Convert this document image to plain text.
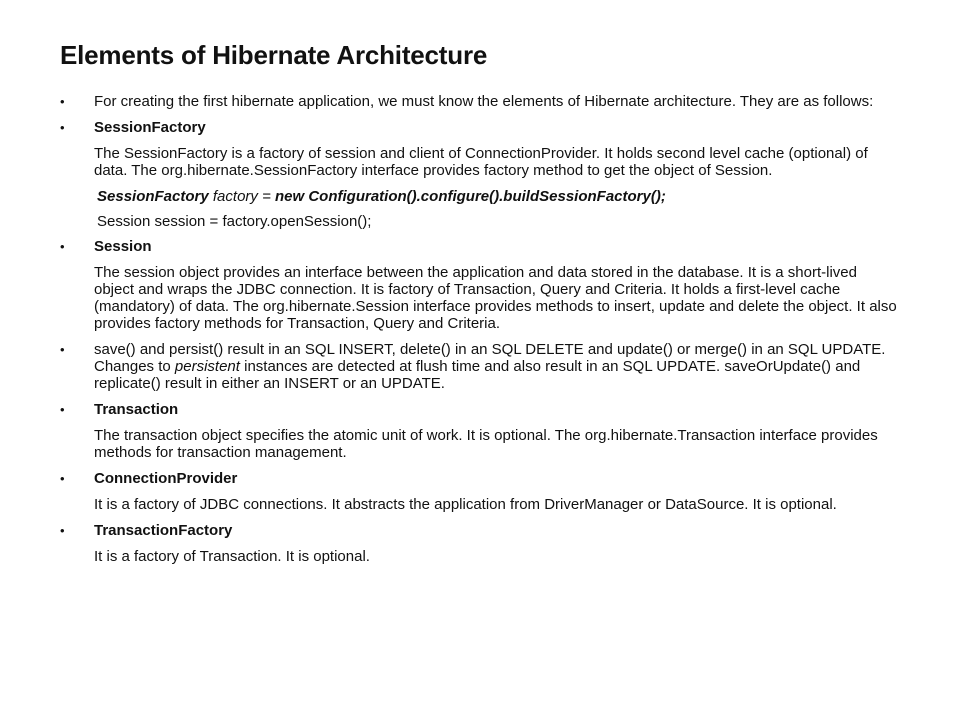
Elements of Hibernate Architecture
• For creating the first hibernate application, we must know the elements of Hibernate architecture. They are as follows:
• SessionFactory
The SessionFactory is a factory of session and client of ConnectionProvider. It holds second level cache (optional) of data. The org.hibernate.SessionFactory interface provides factory method to get the object of Session.
SessionFactory factory = new Configuration().configure().buildSessionFactory();
Session session = factory.openSession();
• Session
The session object provides an interface between the application and data stored in the database. It is a short-lived object and wraps the JDBC connection. It is factory of Transaction, Query and Criteria. It holds a first-level cache (mandatory) of data. The org.hibernate.Session interface provides methods to insert, update and delete the object. It also provides factory methods for Transaction, Query and Criteria.
• save() and persist() result in an SQL INSERT, delete() in an SQL DELETE and update() or merge() in an SQL UPDATE. Changes to persistent instances are detected at flush time and also result in an SQL UPDATE. saveOrUpdate() and replicate() result in either an INSERT or an UPDATE.
• Transaction
The transaction object specifies the atomic unit of work. It is optional. The org.hibernate.Transaction interface provides methods for transaction management.
• ConnectionProvider
It is a factory of JDBC connections. It abstracts the application from DriverManager or DataSource. It is optional.
• TransactionFactory
It is a factory of Transaction. It is optional.
